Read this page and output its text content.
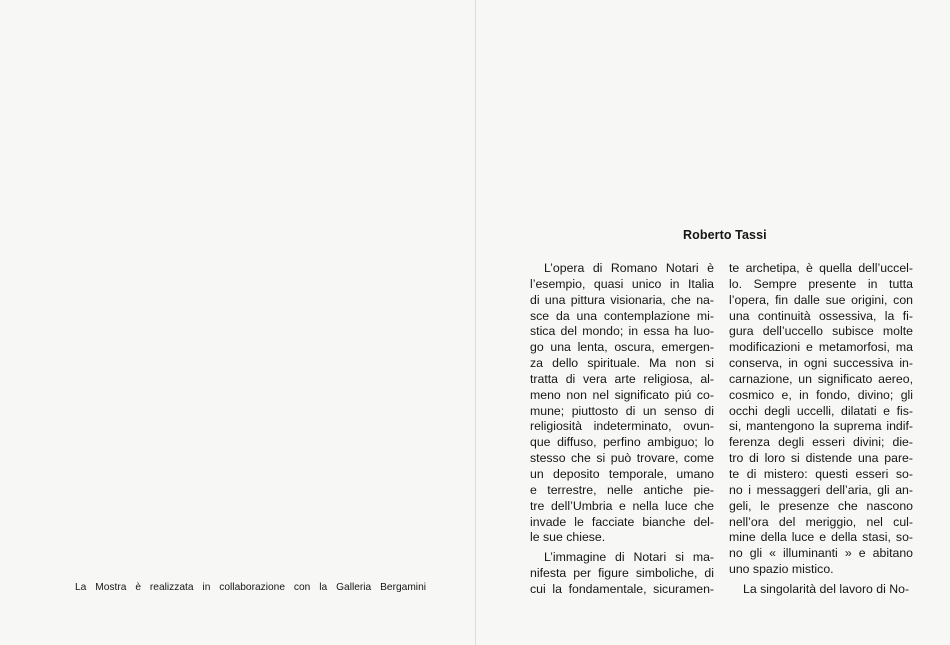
La Mostra è realizzata in collaborazione con la Galleria Bergamini
Roberto Tassi
L’opera di Romano Notari è
l’esempio, quasi unico in Italia
di una pittura visionaria, che na-
sce da una contemplazione mi-
stica del mondo; in essa ha luo-
go una lenta, oscura, emergen-
za dello spirituale. Ma non si
tratta di vera arte religiosa, al-
meno non nel significato piú co-
mune; piuttosto di un senso di
religiosità indeterminato, ovun-
que diffuso, perfino ambiguo; lo
stesso che si può trovare, come
un deposito temporale, umano
e terrestre, nelle antiche pie-
tre dell’Umbria e nella luce che
invade le facciate bianche del-
le sue chiese.
L’immagine di Notari si ma-
nifesta per figure simboliche, di
cui la fondamentale, sicuramen-
te archetipa, è quella dell’uccel-
lo. Sempre presente in tutta
l’opera, fin dalle sue origini, con
una continuità ossessiva, la fi-
gura dell’uccello subisce molte
modificazioni e metamorfosi, ma
conserva, in ogni successiva in-
carnazione, un significato aereo,
cosmico e, in fondo, divino; gli
occhi degli uccelli, dilatati e fis-
si, mantengono la suprema indif-
ferenza degli esseri divini; die-
tro di loro si distende una pare-
te di mistero: questi esseri so-
no i messaggeri dell’aria, gli an-
geli, le presenze che nascono
nell’ora del meriggio, nel cul-
mine della luce e della stasi, so-
no gli « illuminanti » e abitano
uno spazio mistico.
La singolarità del lavoro di No-
